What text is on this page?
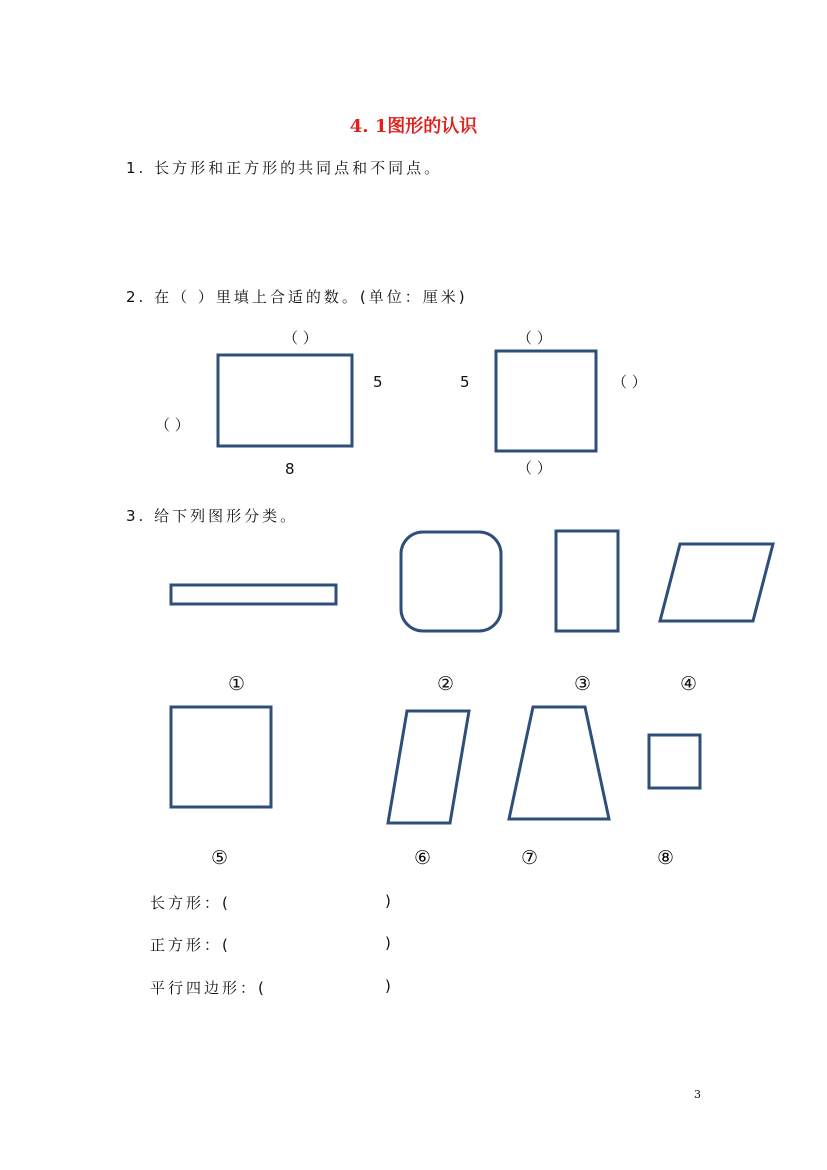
4. 1图形的认识
1. 长方形和正方形的共同点和不同点。
2. 在（ ）里填上合适的数。(单位：厘米)
（ ）
（ ）
5
8
（ ）
5	（ ）
（ ）
3. 给下列图形分类。
①	②	③	④
⑤	⑥	⑦	⑧
长方形：(	)
正方形：(	)
平行四边形：(	)
3
